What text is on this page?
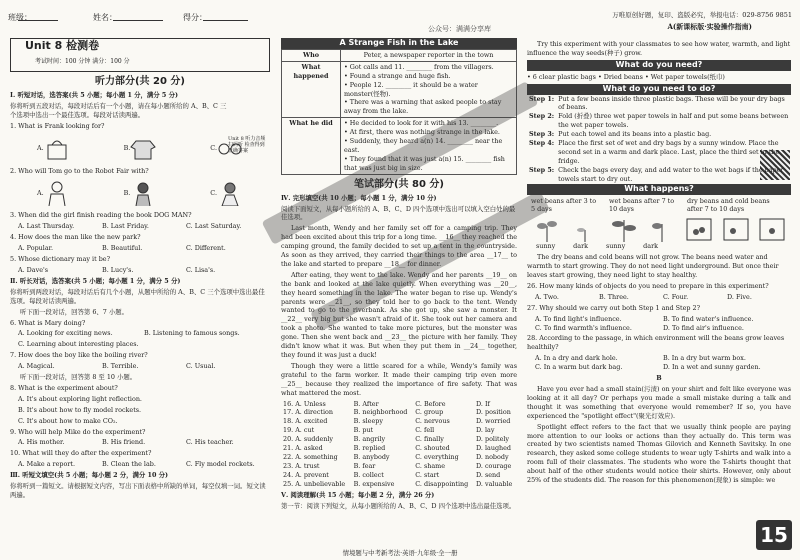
班级：	姓名：	得分：
公众号：满满分享库
万唯原创好题，复印、盗版必究，举报电话：029-8756 9851
A(新课标版·实验操作指南)
Unit 8 检测卷
考试时间：100 分钟 满分：100 分
听力部分(共 20 分)
Ⅰ. 听短对话，选答案(共 5 小题；每小题 1 分，满分 5 分)
你将听到五段对话，每段对话后有一个小题，请在每小题所给的 A、B、C 三个选项中选出一个最佳选项。每段对话读两遍。
Unit 8 听力音频 扫码听 检查得到正确答案
1. What is Frank looking for?
A.	B.	C.
2. Who will Tom go to the Robot Fair with?
A.	B.	C.
3. When did the girl finish reading the book DOG MAN?
A. Last Thursday.	B. Last Friday.	C. Last Saturday.
4. How does the man like the new park?
A. Popular.	B. Beautiful.	C. Different.
5. Whose dictionary may it be?
A. Dave's	B. Lucy's.	C. Lisa's.
Ⅱ. 听长对话，选答案(共 5 小题；每小题 1 分，满分 5 分)
你将听到两段对话，每段对话后有几个小题，从题中所给的 A、B、C 三个选项中选出最佳选项。每段对话读两遍。
听下面一段对话，回答第 6、7 小题。
6. What is Mary doing?
A. Looking for exciting news.	B. Listening to famous songs.
C. Learning about interesting places.
7. How does the boy like the boiling river?
A. Magical.	B. Terrible.	C. Usual.
听下面一段对话，回答第 8 至 10 小题。
8. What is the experiment about?
A. It's about exploring light reflection.
B. It's about how to fly model rockets.
C. It's about how to make CO₂.
9. Who will help Mike do the experiment?
A. His mother.	B. His friend.	C. His teacher.
10. What will they do after the experiment?
A. Make a report.	B. Clean the lab.	C. Fly model rockets.
Ⅲ. 听短文填空(共 5 小题；每小题 2 分，满分 10 分)
你将听到一篇短文。请根据短文内容，写出下面表格中所缺的单词，每空仅填一词。短文读两遍。
A Strange Fish in the Lake
Who	Peter, a newspaper reporter in the town
What happened	• Got calls and 11. ________ from the villagers.
• Found a strange and huge fish.
• People 12. ________ it should be a water monster(怪物).
• There was a warning that asked people to stay away from the lake.

What he did	• He decided to look for it with his 13. ________.
• At first, there was nothing strange in the lake.
• Suddenly, they heard a(n) 14. ________ near the east.
• They found that it was just a(n) 15. ________ fish that was just big in size.
笔试部分(共 80 分)
Ⅳ. 完形填空(共 10 小题；每小题 1 分，满分 10 分)
阅读下面短文，从每小题所给的 A、B、C、D 四个选项中选出可以填入空白处的最佳选项。
Last month, Wendy and her family set off for a camping trip. They had been excited about this trip for a long time. __16__ they reached the camping ground, the family decided to set up a tent in the countryside. As soon as they arrived, they carried their things to the area __17__ to the lake and started to prepare __18__ for dinner.
After eating, they went to the lake. Wendy and her parents __19__ on the bank and looked at the lake quietly. When everything was __20__, they heard something in the lake. The water began to rise up. Wendy's parents were __21__, so they told her to go back to the tent. Wendy wanted to go to the riverbank. As she got up, she saw a monster. It __22__ very big but she wasn't afraid of it. She took out her camera and took a photo. She wanted to take more pictures, but the monster was gone. Then she went back and __23__ the picture with her family. They didn't know what it was. But when they put them in __24__ together, they found it was just a duck!
Though they were a little scared for a while, Wendy's family was grateful to the farm worker. It made their camping trip even more __25__ because they realized the importance of fire safety. That was what mattered the most.
16. A. Unless	B. After	C. Before	D. If
17. A. direction	B. neighborhood	C. group	D. position
18. A. excited	B. sleepy	C. nervous	D. worried
19. A. cut	B. put	C. fell	D. lay
20. A. suddenly	B. angrily	C. finally	D. politely
21. A. asked	B. replied	C. shouted	D. laughed
22. A. something	B. anybody	C. everything	D. nobody
23. A. trust	B. fear	C. shame	D. courage
24. A. prevent	B. collect	C. start	D. send
25. A. unbelievable	B. expensive	C. disappointing	D. valuable
Ⅴ. 阅读理解(共 15 小题；每小题 2 分，满分 26 分)
第一节：阅读下列短文，从每小题所给的 A、B、C、D 四个选项中选出最佳选项。
Try this experiment with your classmates to see how water, warmth, and light influence the way seeds(种子) grow.
What do you need?
• 6 clear plastic bags • Dried beans • Wet paper towels(纸巾)
What do you need to do?
Step 1:	Put a few beans inside three plastic bags. These will be your dry bags of beans.
Step 2:	Fold (折叠) three wet paper towels in half and put some beans between the wet paper towels.
Step 3:	Put each towel and its beans into a plastic bag.
Step 4:	Place the first set of wet and dry bags by a sunny window. Place the second set in a warm and dark place. Last, place the third set in the fridge.
Step 5:	Check the bags every day, and add water to the wet bags if the paper towels start to dry out.
What happens?
wet beans after 3 to 5 days
wet beans after 7 to 10 days
dry beans and cold beans after 7 to 10 days
sunny	dark	sunny	dark
The dry beans and cold beans will not grow. The beans need water and warmth to start growing. They do not need light underground. But once their leaves start growing, they need light to stay healthy.
26. How many kinds of objects do you need to prepare in this experiment?
A. Two.	B. Three.	C. Four.	D. Five.
27. Why should we carry out both Step 1 and Step 2?
A. To find light's influence.	B. To find water's influence.
C. To find warmth's influence.	D. To find air's influence.
28. According to the passage, in which environment will the beans grow leaves healthily?
A. In a dry and dark hole.	B. In a dry but warm box.
C. In a warm but dark bag.	D. In a wet and sunny garden.
B
Have you ever had a small stain(污渍) on your shirt and felt like everyone was looking at it all day? Or perhaps you made a small mistake during a talk and thought it was something that everyone would remember? If so, you have experienced the "spotlight effect"(聚光灯效应).
Spotlight effect refers to the fact that we usually think people are paying more attention to our looks or actions than they actually do. This term was created by two scientists named Thomas Gilovich and Kenneth Savitsky. In one research, they asked some college students to wear ugly T-shirts and walk into a room full of their classmates. The students who wore the T-shirts thought that about half of the other students would notice their shirts. However, only about 25% of the students did. The reason for this phenomenon(现象) is simple: we
情境题与中考新考法·英语·九年级·全一册
15
